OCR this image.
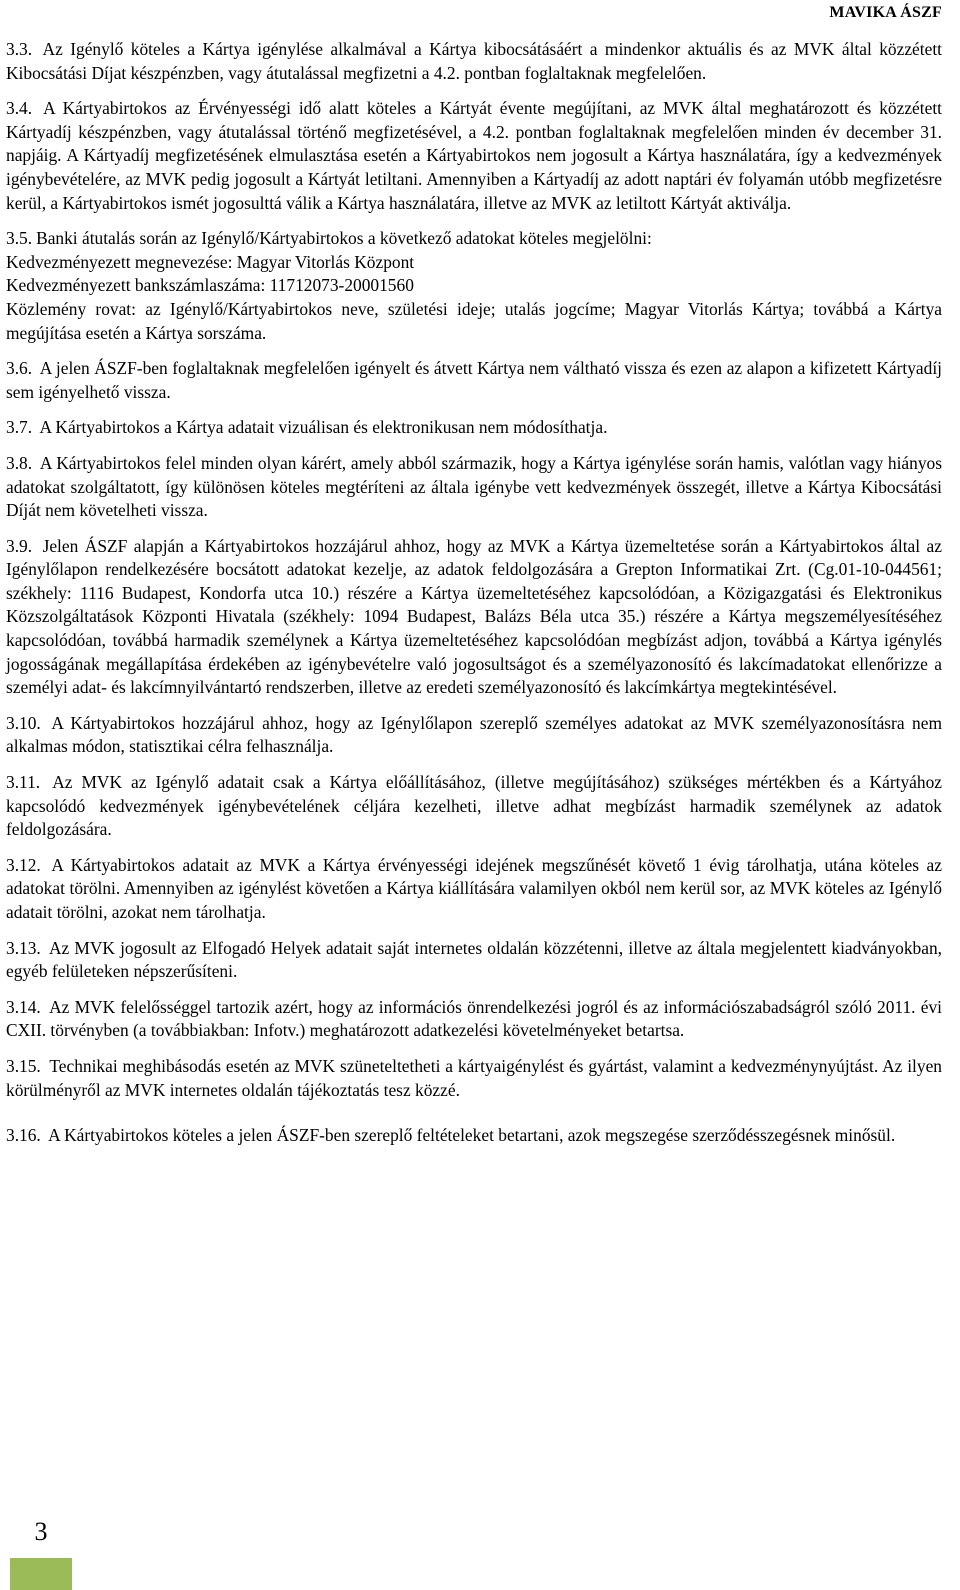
MAVIKA ÁSZF

3.3. Az Igénylő köteles a Kártya igénylése alkalmával a Kártya kibocsátásáért a mindenkor aktuális és az MVK által közzétett Kibocsátási Díjat készpénzben, vagy átutalással megfizetni a 4.2. pontban foglaltaknak megfelelően.

3.4. A Kártyabirtokos az Érvényességi idő alatt köteles a Kártyát évente megújítani, az MVK által meghatározott és közzétett Kártyadíj készpénzben, vagy átutalással történő megfizetésével, a 4.2. pontban foglaltaknak megfelelően minden év december 31. napjáig. A Kártyadíj megfizetésének elmulasztása esetén a Kártyabirtokos nem jogosult a Kártya használatára, így a kedvezmények igénybevételére, az MVK pedig jogosult a Kártyát letiltani. Amennyiben a Kártyadíj az adott naptári év folyamán utóbb megfizetésre kerül, a Kártyabirtokos ismét jogosulttá válik a Kártya használatára, illetve az MVK az letiltott Kártyát aktiválja.

3.5. Banki átutalás során az Igénylő/Kártyabirtokos a következő adatokat köteles megjelölni:
Kedvezményezett megnevezése: Magyar Vitorlás Központ
Kedvezményezett bankszámlaszáma: 11712073-20001560
Közlemény rovat: az Igénylő/Kártyabirtokos neve, születési ideje; utalás jogcíme; Magyar Vitorlás Kártya; továbbá a Kártya megújítása esetén a Kártya sorszáma.

3.6. A jelen ÁSZF-ben foglaltaknak megfelelően igényelt és átvett Kártya nem váltható vissza és ezen az alapon a kifizetett Kártyadíj sem igényelhető vissza.

3.7. A Kártyabirtokos a Kártya adatait vizuálisan és elektronikusan nem módosíthatja.

3.8. A Kártyabirtokos felel minden olyan kárért, amely abból származik, hogy a Kártya igénylése során hamis, valótlan vagy hiányos adatokat szolgáltatott, így különösen köteles megtéríteni az általa igénybe vett kedvezmények összegét, illetve a Kártya Kibocsátási Díját nem követelheti vissza.

3.9. Jelen ÁSZF alapján a Kártyabirtokos hozzájárul ahhoz, hogy az MVK a Kártya üzemeltetése során a Kártyabirtokos által az Igénylőlapon rendelkezésére bocsátott adatokat kezelje, az adatok feldolgozására a Grepton Informatikai Zrt. (Cg.01-10-044561; székhely: 1116 Budapest, Kondorfa utca 10.) részére a Kártya üzemeltetéséhez kapcsolódóan, a Közigazgatási és Elektronikus Közszolgáltatások Központi Hivatala (székhely: 1094 Budapest, Balázs Béla utca 35.) részére a Kártya megszemélyesítéséhez kapcsolódóan, továbbá harmadik személynek a Kártya üzemeltetéséhez kapcsolódóan megbízást adjon, továbbá a Kártya igénylés jogosságának megállapítása érdekében az igénybevételre való jogosultságot és a személyazonosító és lakcímadatokat ellenőrizze a személyi adat- és lakcímnyilvántartó rendszerben, illetve az eredeti személyazonosító és lakcímkártya megtekintésével.

3.10. A Kártyabirtokos hozzájárul ahhoz, hogy az Igénylőlapon szereplő személyes adatokat az MVK személyazonosításra nem alkalmas módon, statisztikai célra felhasználja.

3.11. Az MVK az Igénylő adatait csak a Kártya előállításához, (illetve megújításához) szükséges mértékben és a Kártyához kapcsolódó kedvezmények igénybevételének céljára kezelheti, illetve adhat megbízást harmadik személynek az adatok feldolgozására.

3.12. A Kártyabirtokos adatait az MVK a Kártya érvényességi idejének megszűnését követő 1 évig tárolhatja, utána köteles az adatokat törölni. Amennyiben az igénylést követően a Kártya kiállítására valamilyen okból nem kerül sor, az MVK köteles az Igénylő adatait törölni, azokat nem tárolhatja.

3.13. Az MVK jogosult az Elfogadó Helyek adatait saját internetes oldalán közzétenni, illetve az általa megjelentett kiadványokban, egyéb felületeken népszerűsíteni.

3.14. Az MVK felelősséggel tartozik azért, hogy az információs önrendelkezési jogról és az információszabadságról szóló 2011. évi CXII. törvényben (a továbbiakban: Infotv.) meghatározott adatkezelési követelményeket betartsa.

3.15. Technikai meghibásodás esetén az MVK szüneteltetheti a kártyaigénylést és gyártást, valamint a kedvezménynyújtást. Az ilyen körülményről az MVK internetes oldalán tájékoztatás tesz közzé.

3.16. A Kártyabirtokos köteles a jelen ÁSZF-ben szereplő feltételeket betartani, azok megszegése szerződésszegésnek minősül.

3
